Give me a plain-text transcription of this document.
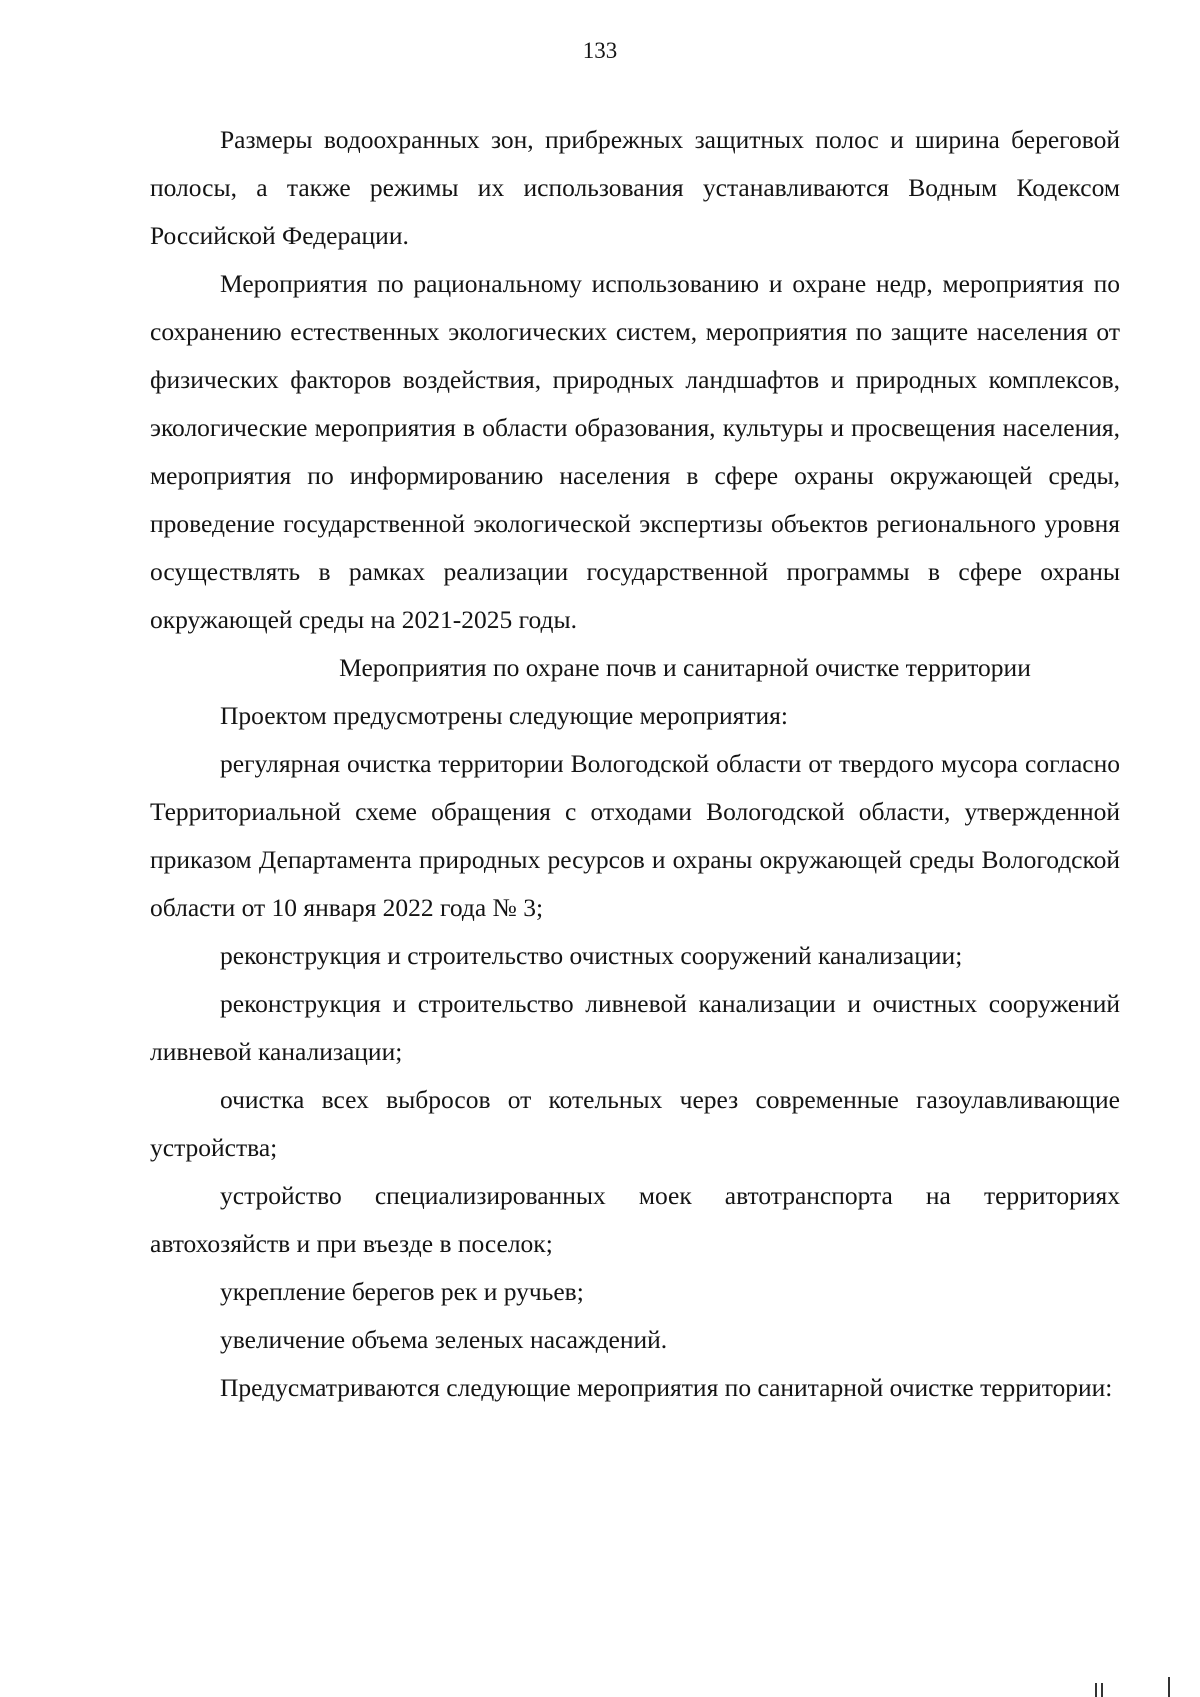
133

Размеры водоохранных зон, прибрежных защитных полос и ширина береговой полосы, а также режимы их использования устанавливаются Водным Кодексом Российской Федерации.

Мероприятия по рациональному использованию и охране недр, мероприятия по сохранению естественных экологических систем, мероприятия по защите населения от физических факторов воздействия, природных ландшафтов и природных комплексов, экологические мероприятия в области образования, культуры и просвещения населения, мероприятия по информированию населения в сфере охраны окружающей среды, проведение государственной экологической экспертизы объектов регионального уровня осуществлять в рамках реализации государственной программы в сфере охраны окружающей среды на 2021-2025 годы.

Мероприятия по охране почв и санитарной очистке территории

Проектом предусмотрены следующие мероприятия:

регулярная очистка территории Вологодской области от твердого мусора согласно Территориальной схеме обращения с отходами Вологодской области, утвержденной приказом Департамента природных ресурсов и охраны окружающей среды Вологодской области от 10 января 2022 года № 3;

реконструкция и строительство очистных сооружений канализации;

реконструкция и строительство ливневой канализации и очистных сооружений ливневой канализации;

очистка всех выбросов от котельных через современные газоулавливающие устройства;

устройство специализированных моек автотранспорта на территориях автохозяйств и при въезде в поселок;

укрепление берегов рек и ручьев;

увеличение объема зеленых насаждений.

Предусматриваются следующие мероприятия по санитарной очистке территории:
